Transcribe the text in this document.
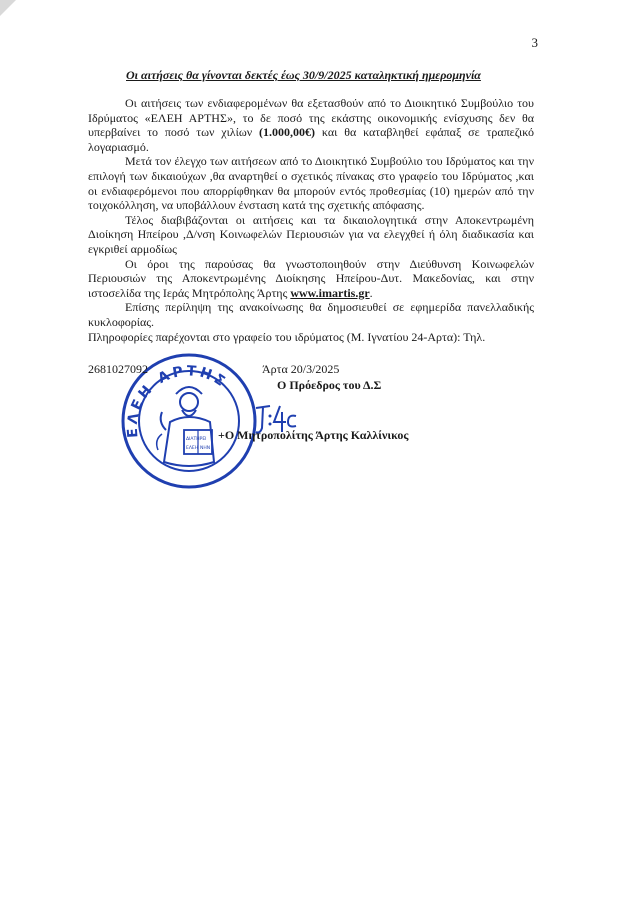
3
Οι αιτήσεις θα γίνονται δεκτές έως 30/9/2025 καταληκτική ημερομηνία
ΕΛΕΗ ΑΡΤΗΣ
ΔΙΑΤΗΡΕΙ
ΕΛΕΗ ΝΗΝ

Οι αιτήσεις των ενδιαφερομένων θα εξετασθούν από το Διοικητικό Συμβούλιο του Ιδρύματος «ΕΛΕΗ ΑΡΤΗΣ», το δε ποσό της εκάστης οικονομικής ενίσχυσης δεν θα υπερβαίνει το ποσό των χιλίων (1.000,00€) και θα καταβληθεί εφάπαξ σε τραπεζικό λογαριασμό.

Μετά τον έλεγχο των αιτήσεων από το Διοικητικό Συμβούλιο του Ιδρύματος και την επιλογή των δικαιούχων ,θα αναρτηθεί ο σχετικός πίνακας στο γραφείο του Ιδρύματος ,και οι ενδιαφερόμενοι που απορρίφθηκαν θα μπορούν εντός προθεσμίας (10) ημερών από την τοιχοκόλληση, να υποβάλλουν ένσταση κατά της σχετικής απόφασης.

Τέλος διαβιβάζονται οι αιτήσεις και τα δικαιολογητικά στην Αποκεντρωμένη Διοίκηση Ηπείρου ,Δ/νση Κοινωφελών Περιουσιών για να ελεγχθεί ή όλη διαδικασία και εγκριθεί αρμοδίως

Οι όροι της παρούσας θα γνωστοποιηθούν στην Διεύθυνση Κοινωφελών Περιουσιών της Αποκεντρωμένης Διοίκησης Ηπείρου-Δυτ. Μακεδονίας, και στην ιστοσελίδα της Ιεράς Μητρόπολης Άρτης www.imartis.gr.

Επίσης περίληψη της ανακοίνωσης θα δημοσιευθεί σε εφημερίδα πανελλαδικής κυκλοφορίας.

Πληροφορίες παρέχονται στο γραφείο του ιδρύματος (Μ. Ιγνατίου 24-Αρτα): Τηλ.

2681027092	Άρτα 20/3/2025
Ο Πρόεδρος του Δ.Σ
+Ο Μητροπολίτης Άρτης Καλλίνικος
